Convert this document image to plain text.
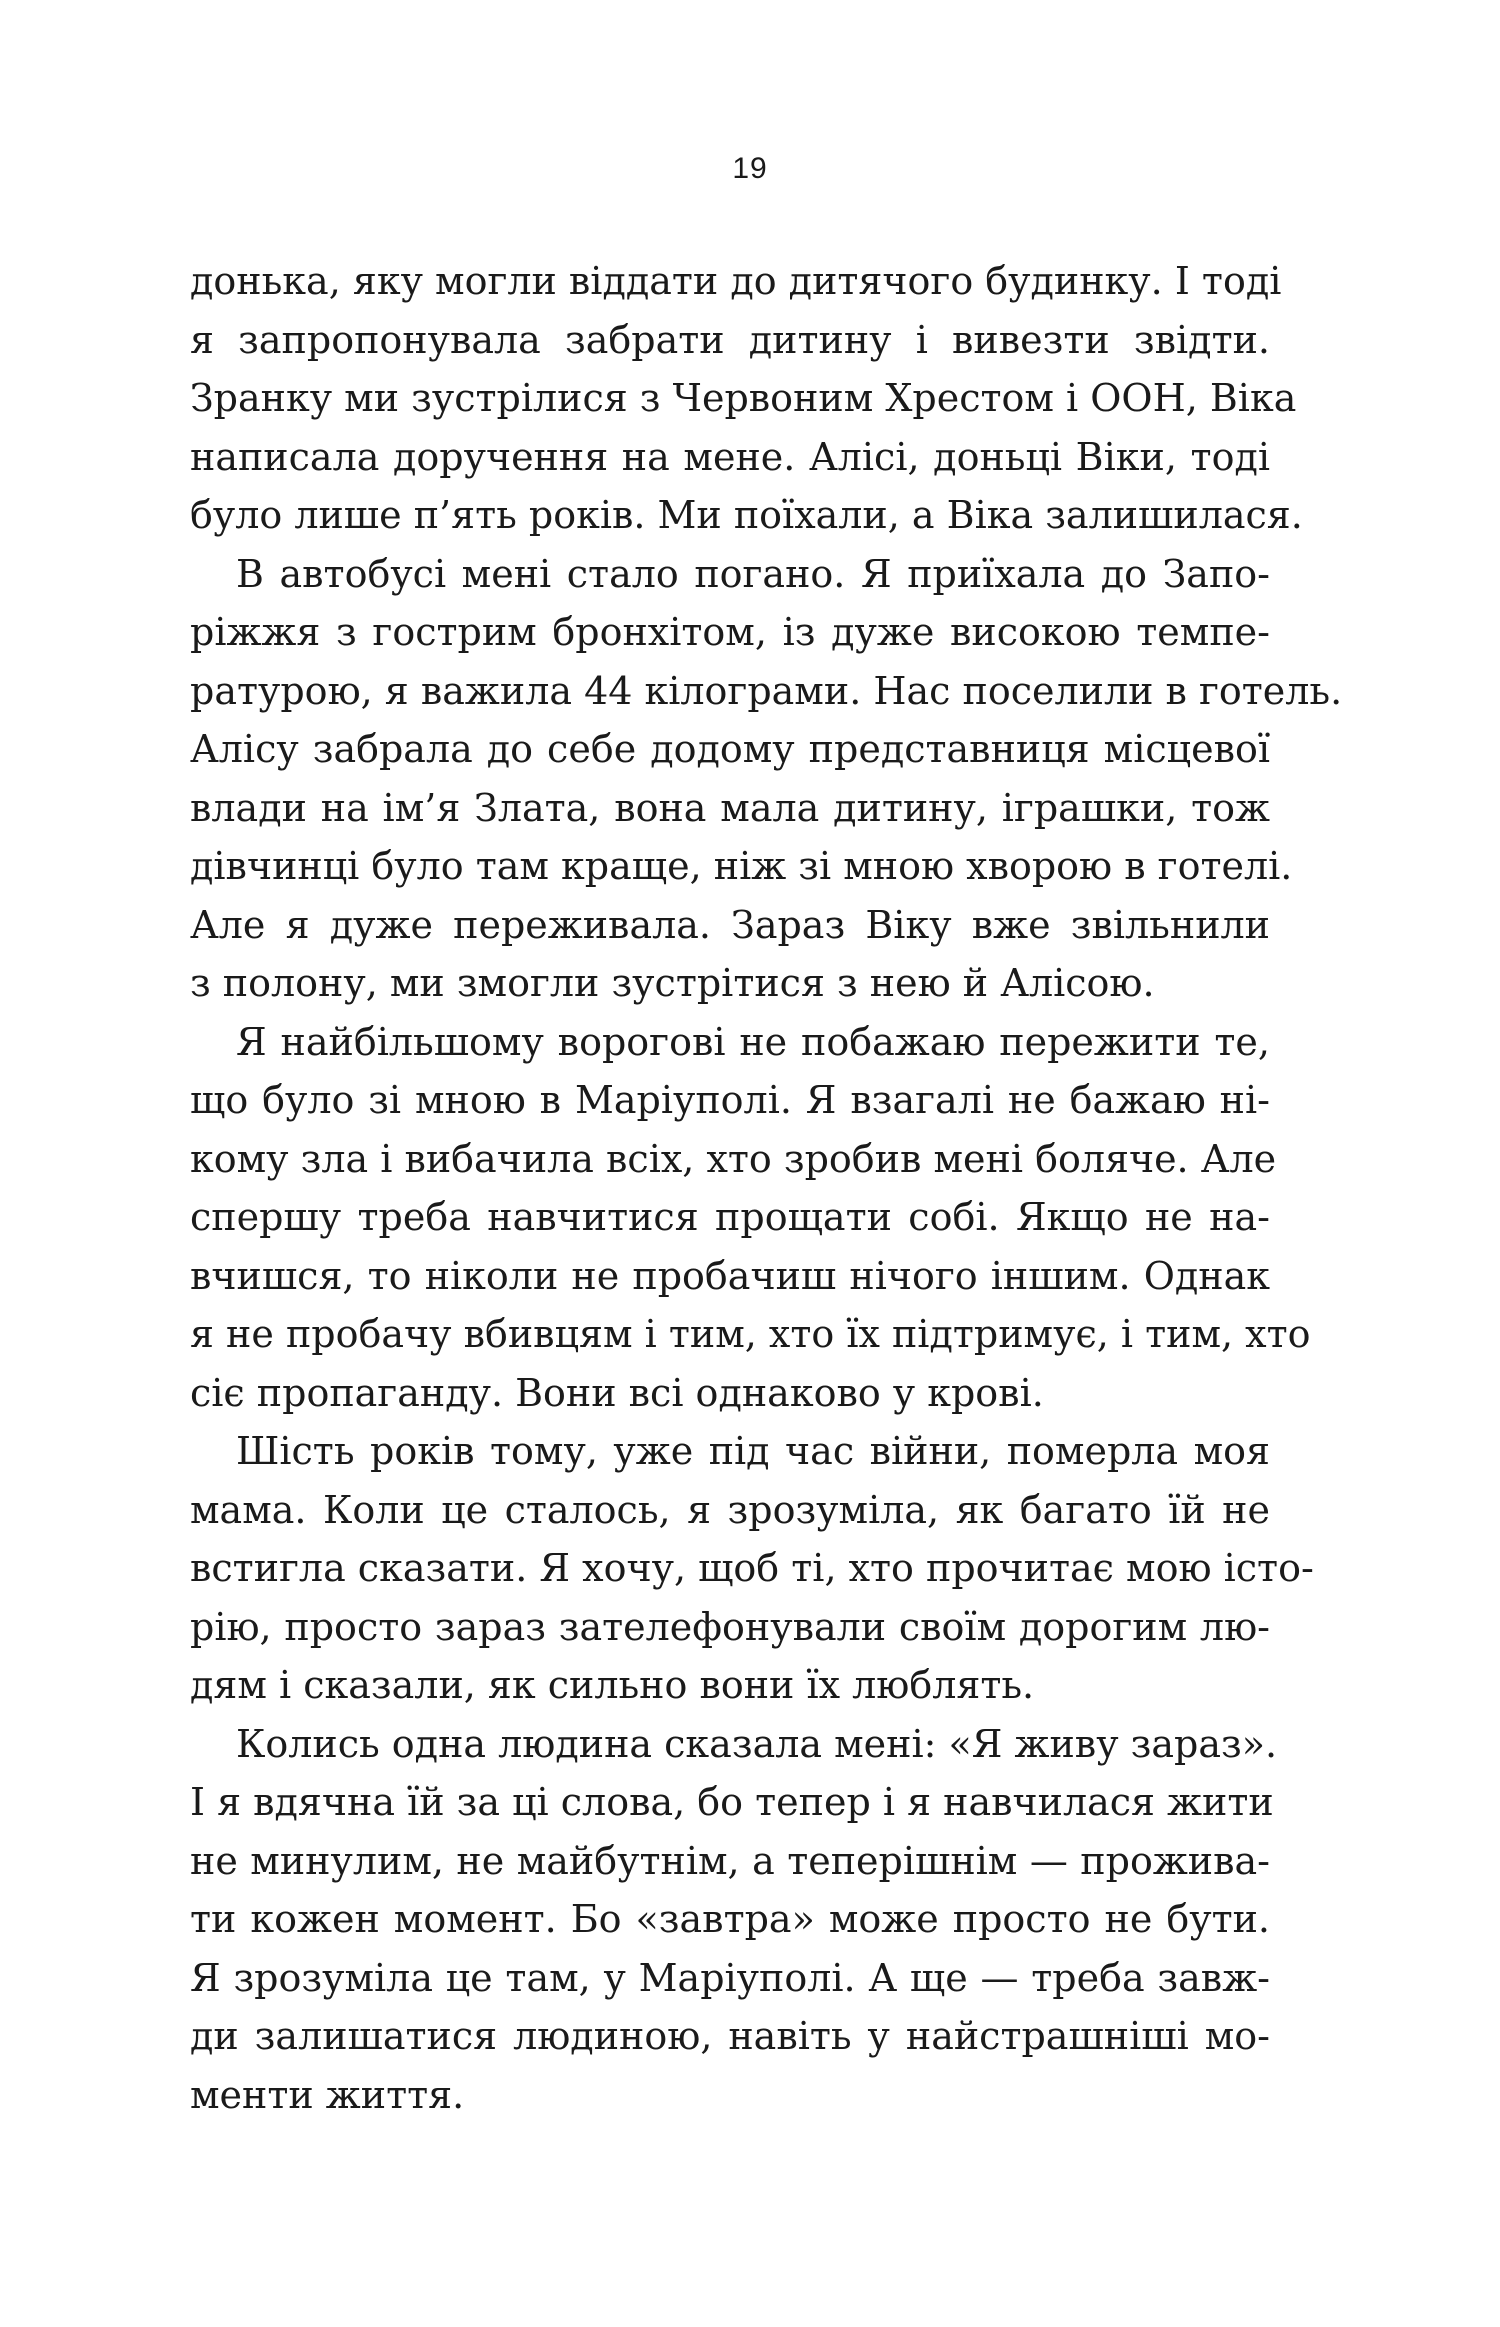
19
донька, яку могли віддати до дитячого будинку. І тоді
я запропонувала забрати дитину і вивезти звідти.
Зранку ми зустрілися з Червоним Хрестом і ООН, Віка
написала доручення на мене. Алісі, доньці Віки, тоді
було лише п’ять років. Ми поїхали, а Віка залишилася.
В автобусі мені стало погано. Я приїхала до Запо-
ріжжя з гострим бронхітом, із дуже високою темпе-
ратурою, я важила 44 кілограми. Нас поселили в готель.
Алісу забрала до себе додому представниця місцевої
влади на ім’я Злата, вона мала дитину, іграшки, тож
дівчинці було там краще, ніж зі мною хворою в готелі.
Але я дуже переживала. Зараз Віку вже звільнили
з полону, ми змогли зустрітися з нею й Алісою.
Я найбільшому ворогові не побажаю пережити те,
що було зі мною в Маріуполі. Я взагалі не бажаю ні-
кому зла і вибачила всіх, хто зробив мені боляче. Але
спершу треба навчитися прощати собі. Якщо не на-
вчишся, то ніколи не пробачиш нічого іншим. Однак
я не пробачу вбивцям і тим, хто їх підтримує, і тим, хто
сіє пропаганду. Вони всі однаково у крові.
Шість років тому, уже під час війни, померла моя
мама. Коли це сталось, я зрозуміла, як багато їй не
встигла сказати. Я хочу, щоб ті, хто прочитає мою істо-
рію, просто зараз зателефонували своїм дорогим лю-
дям і сказали, як сильно вони їх люблять.
Колись одна людина сказала мені: «Я живу зараз».
І я вдячна їй за ці слова, бо тепер і я навчилася жити
не минулим, не майбутнім, а теперішнім — прожива-
ти кожен момент. Бо «завтра» може просто не бути.
Я зрозуміла це там, у Маріуполі. А ще — треба завж-
ди залишатися людиною, навіть у найстрашніші мо-
менти життя.
